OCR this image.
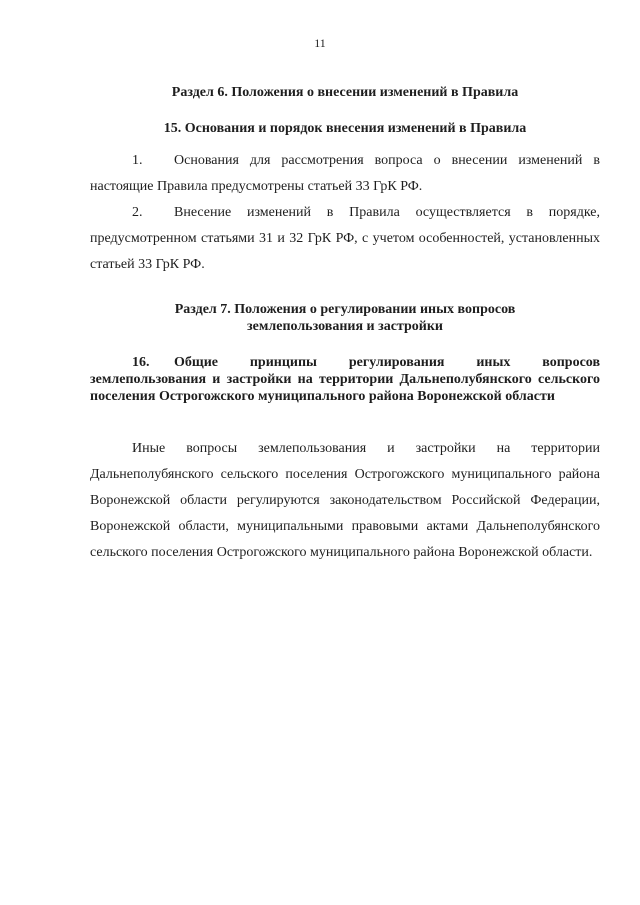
11
Раздел 6. Положения о внесении изменений в Правила
15. Основания и порядок внесения изменений в Правила
1. Основания для рассмотрения вопроса о внесении изменений в настоящие Правила предусмотрены статьей 33 ГрК РФ.
2. Внесение изменений в Правила осуществляется в порядке, предусмотренном статьями 31 и 32 ГрК РФ, с учетом особенностей, установленных статьей 33 ГрК РФ.
Раздел 7. Положения о регулировании иных вопросов
землепользования и застройки
16. Общие принципы регулирования иных вопросов землепользования и застройки на территории Дальнеполубянского сельского поселения Острогожского муниципального района Воронежской области
Иные вопросы землепользования и застройки на территории Дальнеполубянского сельского поселения Острогожского муниципального района Воронежской области регулируются законодательством Российской Федерации, Воронежской области, муниципальными правовыми актами Дальнеполубянского сельского поселения Острогожского муниципального района Воронежской области.
